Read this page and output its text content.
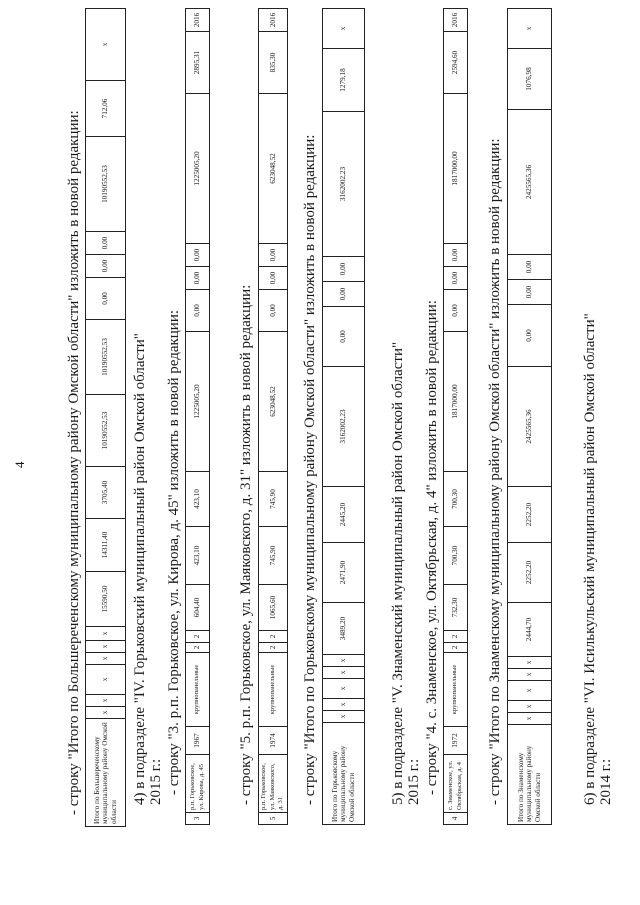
4	- строку "Итого по Большереченскому муниципальному району Омской области" изложить в новой редакции: Итого по Большереченскому муниципальному району Омской области	x	x	x	x	x	x	15590,50	14311,40	3705,40	10190552,53	10190552,53	0,00	0,00	0,00	10190552,53	712,06	x
4) в подразделе "IV. Горьковский муниципальный район Омской области" 2015 г.: - строку "3. р.п. Горьковское, ул. Кирова, д. 45" изложить в новой редакции:
3	р.п. Горьковское, ул. Кирова, д. 45	1967	крупнопанельные	2	2	604,40	423,10	423,10	1225005,20	0,00	0,00	0,00	1225005,20	2895,31	2016
- строку "5. р.п. Горьковское, ул. Маяковского, д. 31" изложить в новой редакции:
5	р.п. Горьковское, ул. Маяковского, д. 31	1974	крупнопанельные	2	2	1065,60	745,90	745,90	623048,52	0,00	0,00	0,00	623048,52	835,30	2016
- строку "Итого по Горьковскому муниципальному району Омской области" изложить в новой редакции: Итого по Горьковскому муниципальному району Омской области	x	x	x	x	x	3489,20	2471,90	2445,20	3162002,23	0,00	0,00	0,00	3162002,23	1279,18	x
5) в подразделе "V. Знаменский муниципальный район Омской области" 2015 г.: - строку "4. с. Знаменское, ул. Октябрьская, д. 4" изложить в новой редакции:
4	с. Знаменское, ул. Октябрьская, д. 4	1972	крупнопанельные	2	2	732,30	700,30	700,30	1817000,00	0,00	0,00	0,00	1817000,00	2594,60	2016
- строку "Итого по Знаменскому муниципальному району Омской области" изложить в новой редакции: Итого по Знаменскому муниципальному району Омской области	x	x	x	x	x	2444,70	2252,20	2252,20	2425565,36	0,00	0,00	0,00	2425565,36	1076,98	x
6) в подразделе "VI. Исилькульский муниципальный район Омской области" 2014 г.:
